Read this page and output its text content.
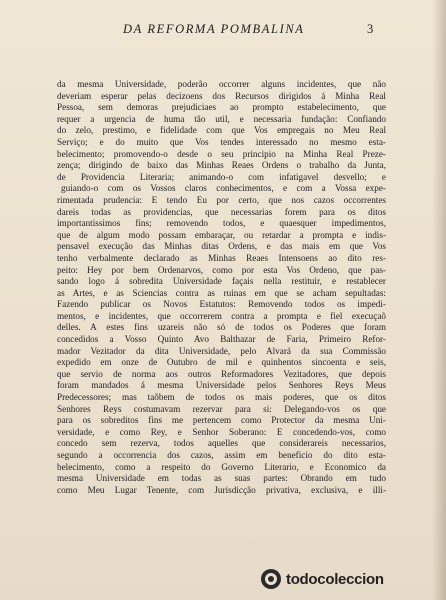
DA REFORMA POMBALINA	3
da mesma Universidade, poderão occorrer alguns incidentes, que não
deveriam esperar pelas decizoens dos Recursos dirigidos á Minha Real
Pessoa, sem demoras prejudiciaes ao prompto estabelecimento, que
requer a urgencia de huma tão util, e necessaria fundação: Confiando
do zelo, prestimo, e fidelidade com que Vos empregais no Meu Real
Serviço; e do muito que Vos tendes interessado no mesmo esta-
belecimento; promovendo-o desde o seu principio na Minha Real Preze-
zença; dirigindo de baixo das Minhas Reaes Ordens o trabalho da Junta,
de Providencia Literaria; animando-o com infatigavel desvello; e
guiando-o com os Vossos claros conhecimentos, e com a Vossa expe-
rimentada prudencia: E tendo Eu por certo, que nos cazos occorrentes
dareis todas as providencias, que necessarias forem para os ditos
importantissimos fins; removendo todos, e quaesquer impedimentos,
que de algum modo possam embaraçar, ou retardar a prompta e indis-
pensavel execução das Minhas ditas Ordens, e das mais em que Vos
tenho verbalmente declarado as Minhas Reaes Intensoens ao dito res-
peito: Hey por bem Ordenarvos, como por esta Vos Ordeno, que pas-
sando logo á sobredita Universidade façais nella restituir, e restablecer
as Artes, e as Sciencias contra as ruinas em que se acham sepultadas:
Fazendo publicar os Novos Estatutos: Removendo todos os impedi-
mentos, e incidentes, que occorrerem contra a prompta e fiel execuçaõ
delles. A estes fins uzareis não só de todos os Poderes que foram
concedidos a Vosso Quinto Avo Balthazar de Faria, Primeiro Refor-
mador Vezitador da dita Universidade, pelo Alvará da sua Commissão
expedido em onze de Outubro de mil e quinhentos sincoenta e seis,
que servio de norma aos outros Reformadores Vezitadores, que depois
foram mandados á mesma Universidade pelos Senhores Reys Meus
Predecessores; mas taõbem de todos os mais poderes, que os ditos
Senhores Reys costumavam rezervar para si: Delegando-vos os que
para os sobreditos fins me pertencem como Protector da mesma Uni-
versidade, e como Rey, e Senhor Soberano: E concedendo-vos, como
concedo sem rezerva, todos aquelles que considerareis necessarios,
segundo a occorrencia dos cazos, assim em beneficio do dito esta-
belecimento, como a respeito do Governo Literario, e Economico da
mesma Universidade em todas as suas partes: Obrando em tudo
como Meu Lugar Tenente, com Jurisdicção privativa, exclusiva, e illi-
todocoleccion
